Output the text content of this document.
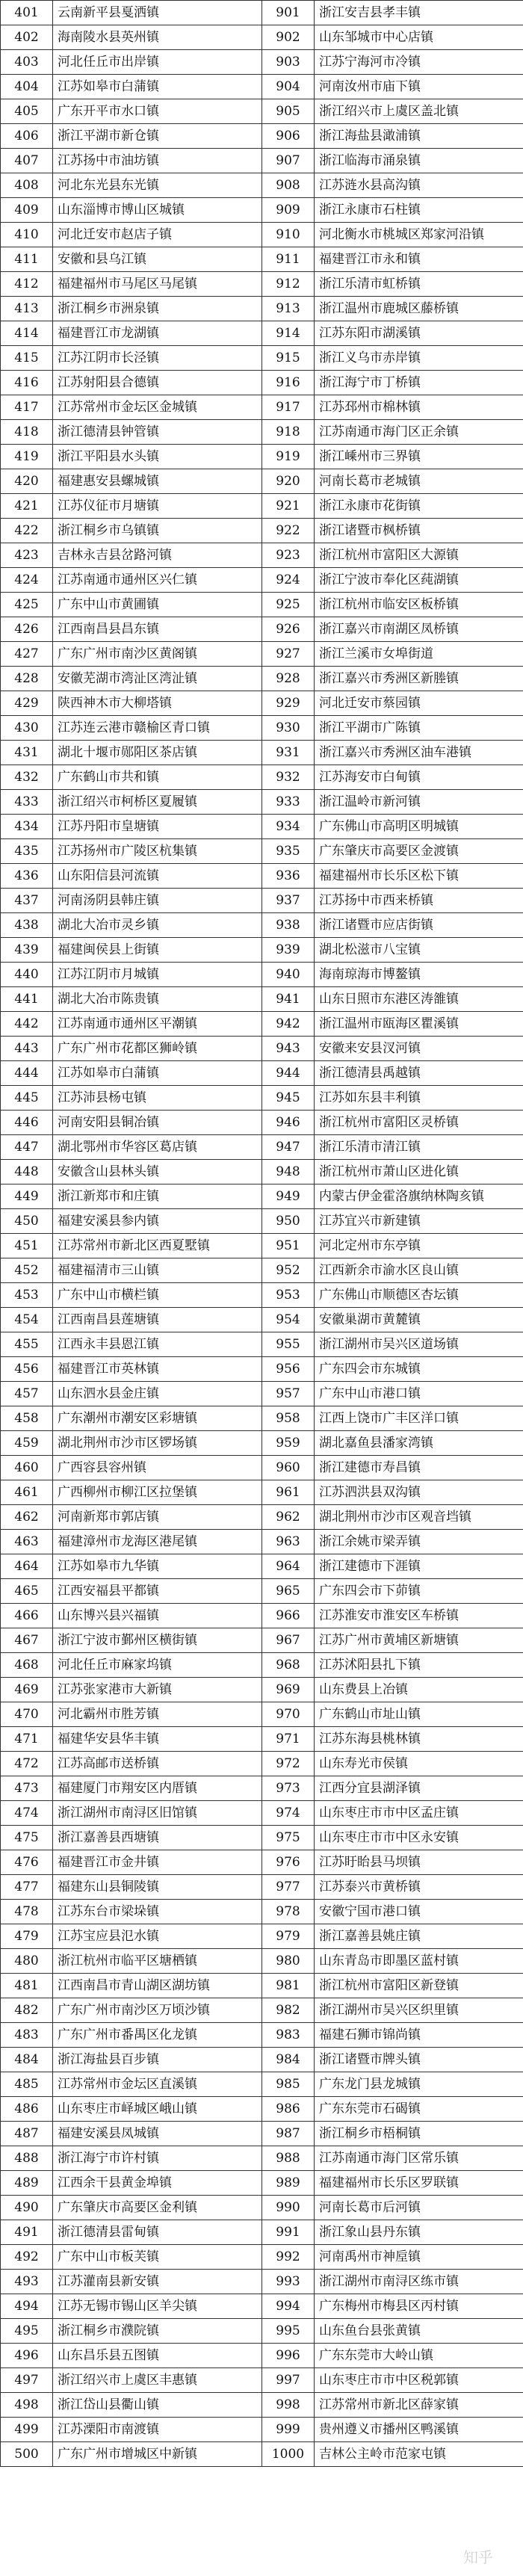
401	云南新平县戛洒镇	901	浙江安吉县孝丰镇
402	海南陵水县英州镇	902	山东邹城市中心店镇
403	河北任丘市出岸镇	903	江苏宁海河市冷镇
404	江苏如皋市白蒲镇	904	河南汝州市庙下镇
405	广东开平市水口镇	905	浙江绍兴市上虞区盖北镇
406	浙江平湖市新仓镇	906	浙江海盐县澉浦镇
407	江苏扬中市油坊镇	907	浙江临海市涌泉镇
408	河北东光县东光镇	908	江苏涟水县高沟镇
409	山东淄博市博山区城镇	909	浙江永康市石柱镇
410	河北迁安市赵店子镇	910	河北衡水市桃城区郑家河沿镇
411	安徽和县乌江镇	911	福建晋江市永和镇
412	福建福州市马尾区马尾镇	912	浙江乐清市虹桥镇
413	浙江桐乡市洲泉镇	913	浙江温州市鹿城区藤桥镇
414	福建晋江市龙湖镇	914	江苏东阳市湖溪镇
415	江苏江阴市长泾镇	915	浙江义乌市赤岸镇
416	江苏射阳县合德镇	916	浙江海宁市丁桥镇
417	江苏常州市金坛区金城镇	917	江苏邳州市棉林镇
418	浙江德清县钟管镇	918	江苏南通市海门区正余镇
419	浙江平阳县水头镇	919	浙江嵊州市三界镇
420	福建惠安县螺城镇	920	河南长葛市老城镇
421	江苏仪征市月塘镇	921	浙江永康市花街镇
422	浙江桐乡市乌镇镇	922	浙江诸暨市枫桥镇
423	吉林永吉县岔路河镇	923	浙江杭州市富阳区大源镇
424	江苏南通市通州区兴仁镇	924	浙江宁波市奉化区莼湖镇
425	广东中山市黄圃镇	925	浙江杭州市临安区板桥镇
426	江西南昌县昌东镇	926	浙江嘉兴市南湖区凤桥镇
427	广东广州市南沙区黄阁镇	927	浙江兰溪市女埠街道
428	安徽芜湖市湾沚区湾沚镇	928	浙江嘉兴市秀洲区新塍镇
429	陕西神木市大柳塔镇	929	河北迁安市蔡园镇
430	江苏连云港市赣榆区青口镇	930	浙江平湖市广陈镇
431	湖北十堰市郧阳区茶店镇	931	浙江嘉兴市秀洲区油车港镇
432	广东鹤山市共和镇	932	江苏海安市白甸镇
433	浙江绍兴市柯桥区夏履镇	933	浙江温岭市新河镇
434	江苏丹阳市皇塘镇	934	广东佛山市高明区明城镇
435	江苏扬州市广陵区杭集镇	935	广东肇庆市高要区金渡镇
436	山东阳信县河流镇	936	福建福州市长乐区松下镇
437	河南汤阴县韩庄镇	937	江苏扬中市西来桥镇
438	湖北大冶市灵乡镇	938	浙江诸暨市应店街镇
439	福建闽侯县上街镇	939	湖北松滋市八宝镇
440	江苏江阴市月城镇	940	海南琼海市博鳌镇
441	湖北大冶市陈贵镇	941	山东日照市东港区涛雒镇
442	江苏南通市通州区平潮镇	942	浙江温州市瓯海区瞿溪镇
443	广东广州市花都区狮岭镇	943	安徽来安县汊河镇
444	江苏如皋市白蒲镇	944	浙江德清县禹越镇
445	江苏沛县杨屯镇	945	江苏如东县丰利镇
446	河南安阳县铜冶镇	946	浙江杭州市富阳区灵桥镇
447	湖北鄂州市华容区葛店镇	947	浙江乐清市清江镇
448	安徽含山县林头镇	948	浙江杭州市萧山区进化镇
449	浙江新郑市和庄镇	949	内蒙古伊金霍洛旗纳林陶亥镇
450	福建安溪县参内镇	950	江苏宜兴市新建镇
451	江苏常州市新北区西夏墅镇	951	河北定州市东亭镇
452	福建福清市三山镇	952	江西新余市渝水区良山镇
453	广东中山市横栏镇	953	广东佛山市顺德区杏坛镇
454	江西南昌县莲塘镇	954	安徽巢湖市黄麓镇
455	江西永丰县恩江镇	955	浙江湖州市吴兴区道场镇
456	福建晋江市英林镇	956	广东四会市东城镇
457	山东泗水县金庄镇	957	广东中山市港口镇
458	广东潮州市潮安区彩塘镇	958	江西上饶市广丰区洋口镇
459	湖北荆州市沙市区锣场镇	959	湖北嘉鱼县潘家湾镇
460	广西容县容州镇	960	浙江建德市寿昌镇
461	广西柳州市柳江区拉堡镇	961	江苏泗洪县双沟镇
462	河南新郑市郭店镇	962	湖北荆州市沙市区观音垱镇
463	福建漳州市龙海区港尾镇	963	浙江余姚市梁弄镇
464	江苏如皋市九华镇	964	浙江建德市下涯镇
465	江西安福县平都镇	965	广东四会市下茆镇
466	山东博兴县兴福镇	966	江苏淮安市淮安区车桥镇
467	浙江宁波市鄞州区横街镇	967	江苏广州市黄埔区新塘镇
468	河北任丘市麻家坞镇	968	江苏沭阳县扎下镇
469	江苏张家港市大新镇	969	山东费县上冶镇
470	河北霸州市胜芳镇	970	广东鹤山市址山镇
471	福建华安县华丰镇	971	江苏东海县桃林镇
472	江苏高邮市送桥镇	972	山东寿光市侯镇
473	福建厦门市翔安区内厝镇	973	江西分宜县湖泽镇
474	浙江湖州市南浔区旧馆镇	974	山东枣庄市市中区孟庄镇
475	浙江嘉善县西塘镇	975	山东枣庄市市中区永安镇
476	福建晋江市金井镇	976	江苏盱眙县马坝镇
477	福建东山县铜陵镇	977	江苏泰兴市黄桥镇
478	江苏东台市梁垛镇	978	安徽宁国市港口镇
479	江苏宝应县氾水镇	979	浙江嘉善县姚庄镇
480	浙江杭州市临平区塘栖镇	980	山东青岛市即墨区蓝村镇
481	江西南昌市青山湖区湖坊镇	981	浙江杭州市富阳区新登镇
482	广东广州市南沙区万顷沙镇	982	浙江湖州市吴兴区织里镇
483	广东广州市番禺区化龙镇	983	福建石狮市锦尚镇
484	浙江海盐县百步镇	984	浙江诸暨市牌头镇
485	江苏常州市金坛区直溪镇	985	广东龙门县龙城镇
486	山东枣庄市峄城区峨山镇	986	广东东莞市石碣镇
487	福建安溪县凤城镇	987	浙江桐乡市梧桐镇
488	浙江海宁市许村镇	988	江苏南通市海门区常乐镇
489	江西余干县黄金埠镇	989	福建福州市长乐区罗联镇
490	广东肇庆市高要区金利镇	990	河南长葛市后河镇
491	浙江德清县雷甸镇	991	浙江象山县丹东镇
492	广东中山市板芙镇	992	河南禹州市神垕镇
493	江苏灌南县新安镇	993	浙江湖州市南浔区练市镇
494	江苏无锡市锡山区羊尖镇	994	广东梅州市梅县区丙村镇
495	浙江桐乡市濮院镇	995	山东鱼台县张黄镇
496	山东昌乐县五图镇	996	广东东莞市大岭山镇
497	浙江绍兴市上虞区丰惠镇	997	山东枣庄市市中区税郭镇
498	浙江岱山县衢山镇	998	江苏常州市新北区薛家镇
499	江苏溧阳市南渡镇	999	贵州遵义市播州区鸭溪镇
500	广东广州市增城区中新镇	1000	吉林公主岭市范家屯镇
知乎
